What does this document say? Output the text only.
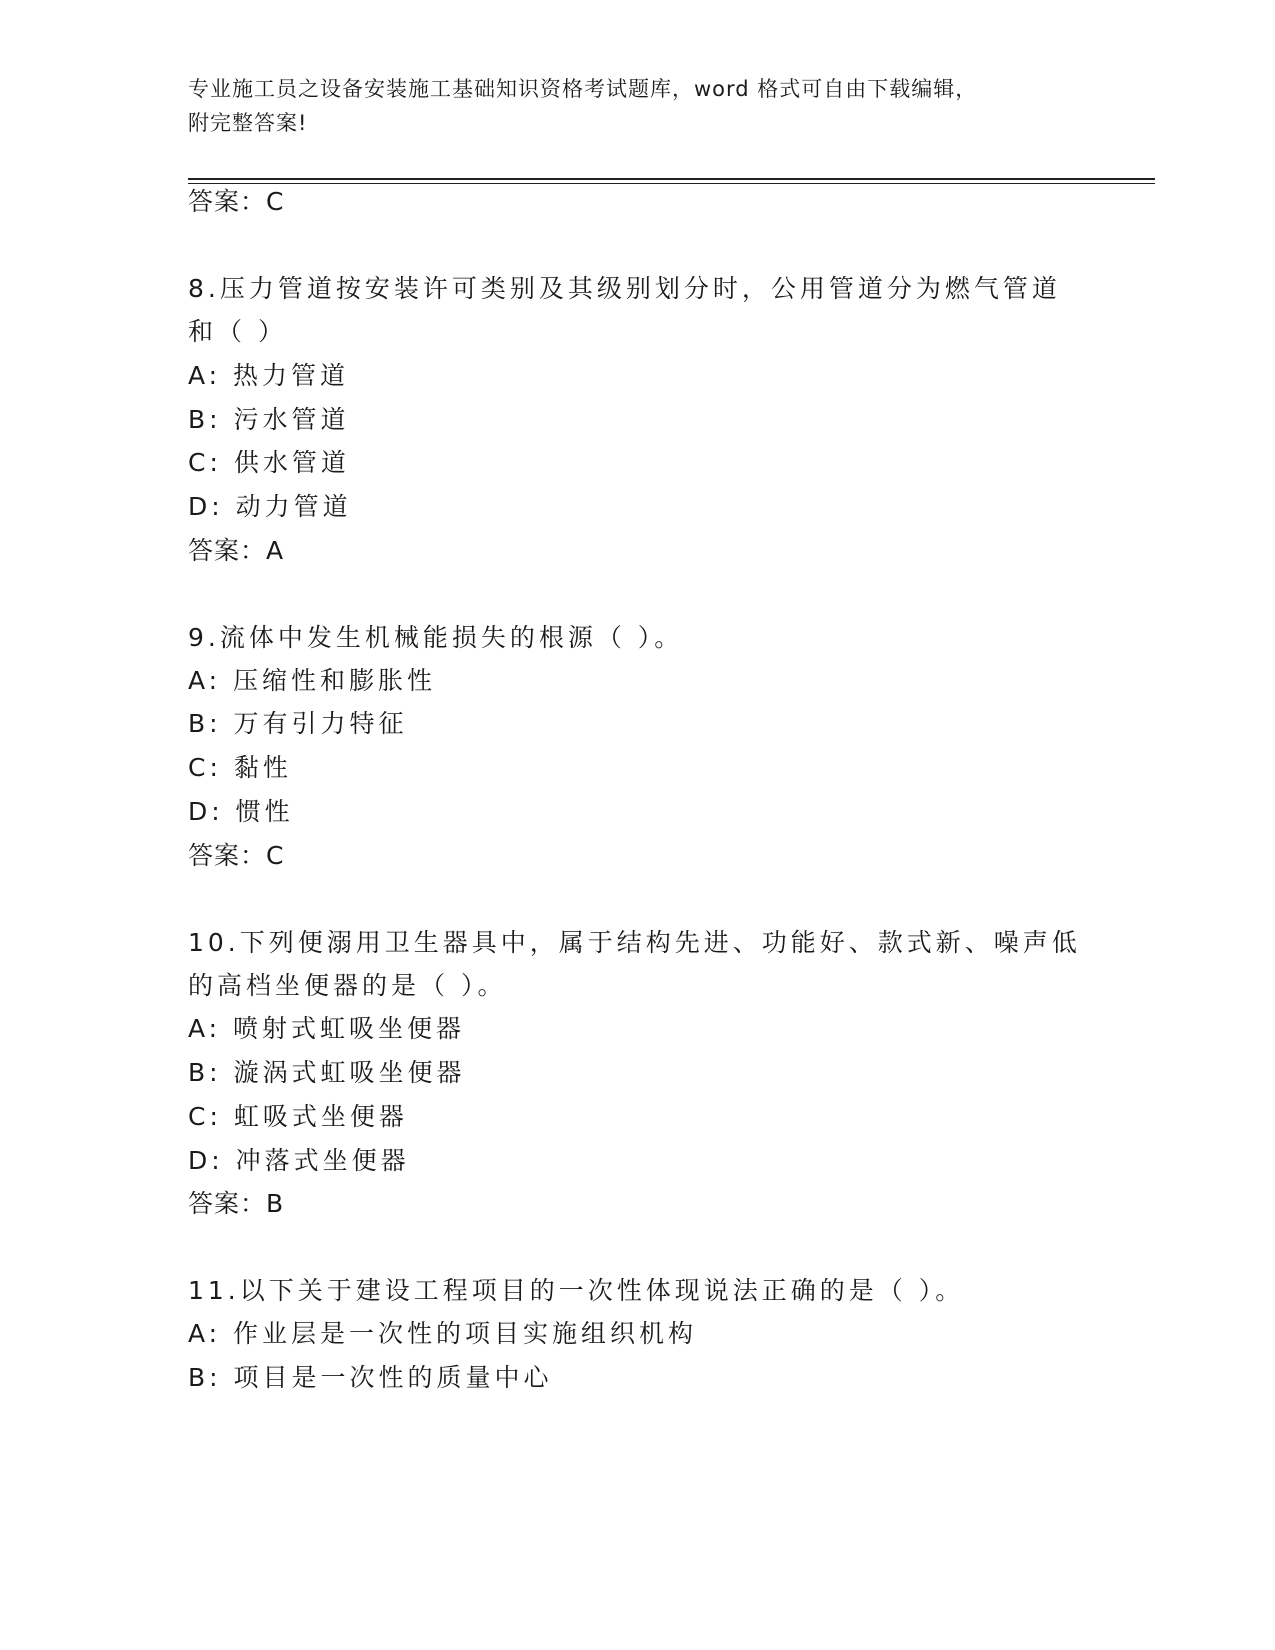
专业施工员之设备安装施工基础知识资格考试题库，word 格式可自由下载编辑，
附完整答案!
答案：C
8.压力管道按安装许可类别及其级别划分时，公用管道分为燃气管道
和（ ）
A: 热力管道
B: 污水管道
C: 供水管道
D: 动力管道
答案：A
9.流体中发生机械能损失的根源（ ）。
A: 压缩性和膨胀性
B: 万有引力特征
C: 黏性
D: 惯性
答案：C
10.下列便溺用卫生器具中，属于结构先进、功能好、款式新、噪声低
的高档坐便器的是（ ）。
A: 喷射式虹吸坐便器
B: 漩涡式虹吸坐便器
C: 虹吸式坐便器
D: 冲落式坐便器
答案：B
11.以下关于建设工程项目的一次性体现说法正确的是（ ）。
A: 作业层是一次性的项目实施组织机构
B: 项目是一次性的质量中心
